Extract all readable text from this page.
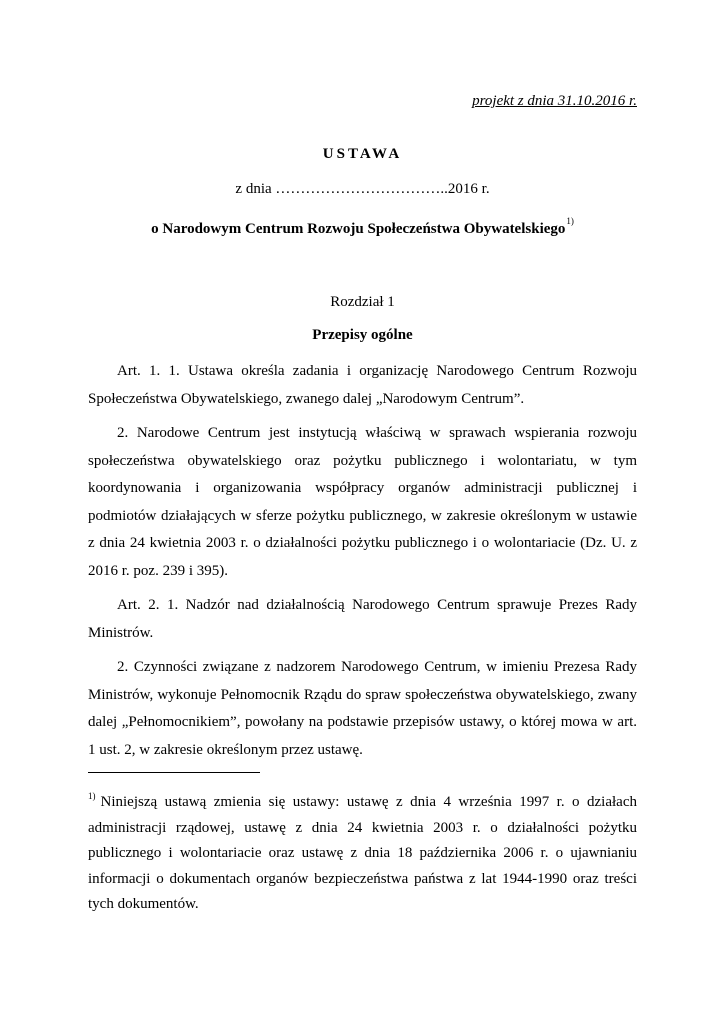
projekt z dnia 31.10.2016 r.
USTAWA
z dnia ……………………………..2016 r.
o Narodowym Centrum Rozwoju Społeczeństwa Obywatelskiego$^{1)}$
Rozdział 1
Przepisy ogólne

Art. 1. 1. Ustawa określa zadania i organizację Narodowego Centrum Rozwoju Społeczeństwa Obywatelskiego, zwanego dalej „Narodowym Centrum”.

2. Narodowe Centrum jest instytucją właściwą w sprawach wspierania rozwoju społeczeństwa obywatelskiego oraz pożytku publicznego i wolontariatu, w tym koordynowania i organizowania współpracy organów administracji publicznej i podmiotów działających w sferze pożytku publicznego, w zakresie określonym w ustawie z dnia 24 kwietnia 2003 r. o działalności pożytku publicznego i o wolontariacie (Dz. U. z 2016 r. poz. 239 i 395).

Art. 2. 1. Nadzór nad działalnością Narodowego Centrum sprawuje Prezes Rady Ministrów.

2. Czynności związane z nadzorem Narodowego Centrum, w imieniu Prezesa Rady Ministrów, wykonuje Pełnomocnik Rządu do spraw społeczeństwa obywatelskiego, zwany dalej „Pełnomocnikiem”, powołany na podstawie przepisów ustawy, o której mowa w art. 1 ust. 2, w zakresie określonym przez ustawę.

$^{1)}$ Niniejszą ustawą zmienia się ustawy: ustawę z dnia 4 września 1997 r. o działach administracji rządowej, ustawę z dnia 24 kwietnia 2003 r. o działalności pożytku publicznego i wolontariacie oraz ustawę z dnia 18 października 2006 r. o ujawnianiu informacji o dokumentach organów bezpieczeństwa państwa z lat 1944-1990 oraz treści tych dokumentów.
